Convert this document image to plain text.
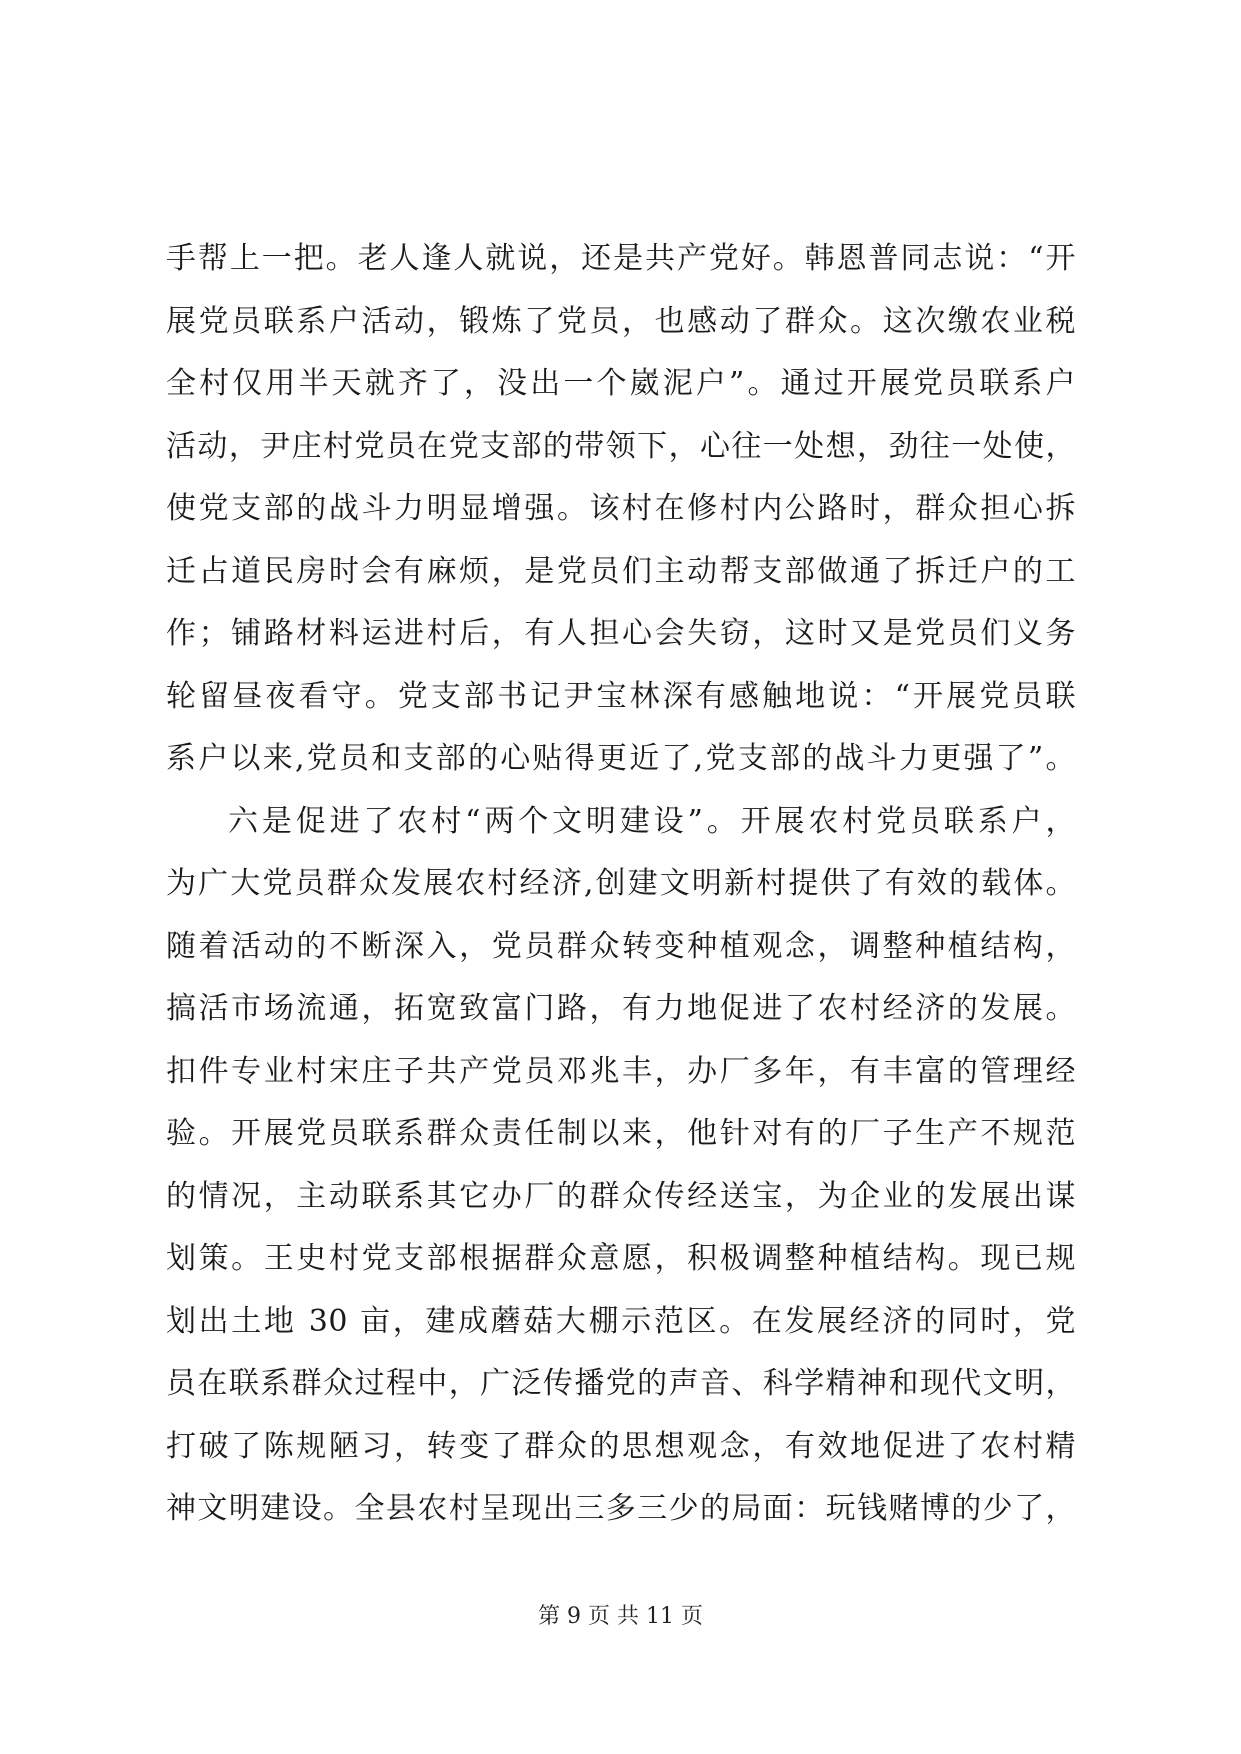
手帮上一把。老人逢人就说，还是共产党好。韩恩普同志说：“开
展党员联系户活动，锻炼了党员，也感动了群众。这次缴农业税
全村仅用半天就齐了，没出一个崴泥户”。通过开展党员联系户
活动，尹庄村党员在党支部的带领下，心往一处想，劲往一处使，
使党支部的战斗力明显增强。该村在修村内公路时，群众担心拆
迁占道民房时会有麻烦，是党员们主动帮支部做通了拆迁户的工
作；铺路材料运进村后，有人担心会失窃，这时又是党员们义务
轮留昼夜看守。党支部书记尹宝林深有感触地说：“开展党员联
系户以来,党员和支部的心贴得更近了,党支部的战斗力更强了”。
六是促进了农村“两个文明建设”。开展农村党员联系户，
为广大党员群众发展农村经济,创建文明新村提供了有效的载体。
随着活动的不断深入，党员群众转变种植观念，调整种植结构，
搞活市场流通，拓宽致富门路，有力地促进了农村经济的发展。
扣件专业村宋庄子共产党员邓兆丰，办厂多年，有丰富的管理经
验。开展党员联系群众责任制以来，他针对有的厂子生产不规范
的情况，主动联系其它办厂的群众传经送宝，为企业的发展出谋
划策。王史村党支部根据群众意愿，积极调整种植结构。现已规
划出土地 30 亩，建成蘑菇大棚示范区。在发展经济的同时，党
员在联系群众过程中，广泛传播党的声音、科学精神和现代文明，
打破了陈规陋习，转变了群众的思想观念，有效地促进了农村精
神文明建设。全县农村呈现出三多三少的局面：玩钱赌博的少了，
第 9 页 共 11 页
